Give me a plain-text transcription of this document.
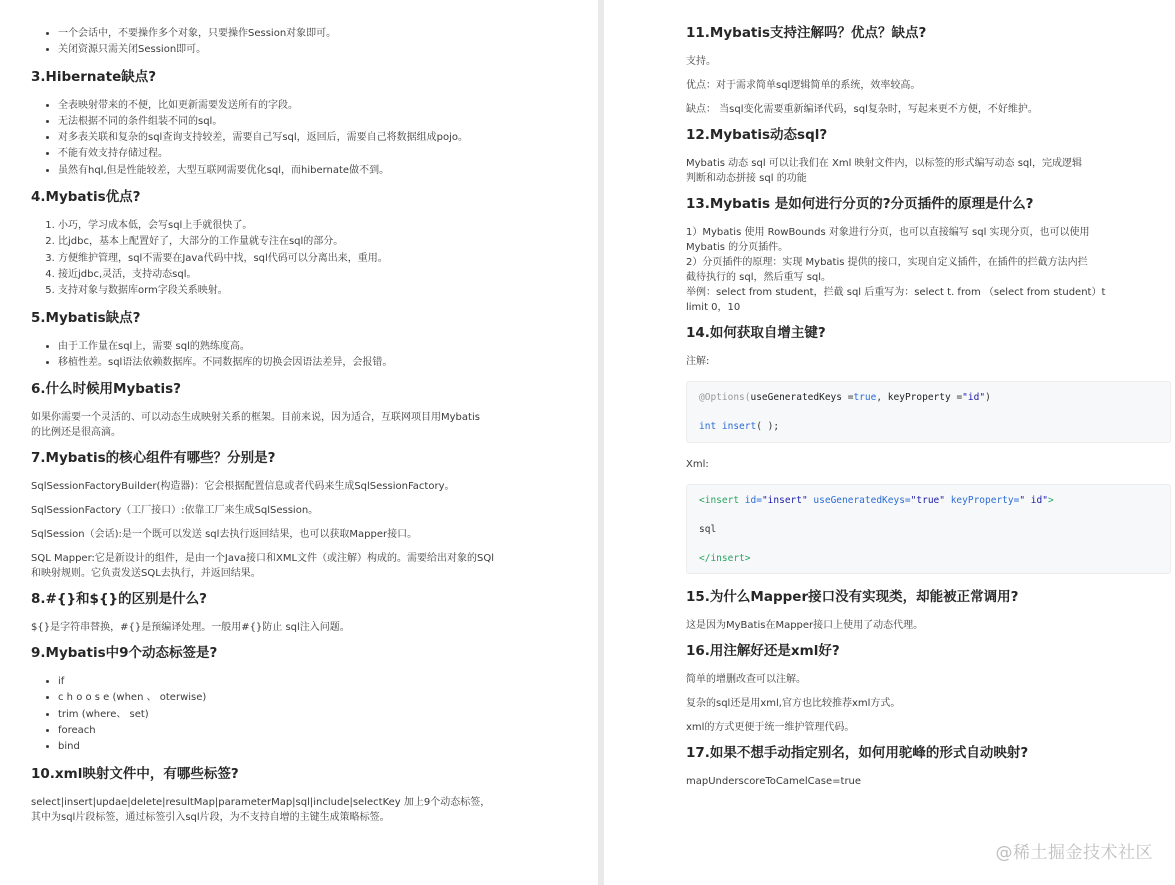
• 一个会话中，不要操作多个对象，只要操作Session对象即可。
• 关闭资源只需关闭Session即可。
3.Hibernate缺点?
• 全表映射带来的不便，比如更新需要发送所有的字段。
• 无法根据不同的条件组装不同的sql。
• 对多表关联和复杂的sql查询支持较差，需要自己写sql，返回后，需要自己将数据组成pojo。
• 不能有效支持存储过程。
• 虽然有hql,但是性能较差，大型互联网需要优化sql，而hibernate做不到。
4.Mybatis优点?
1. 小巧，学习成本低，会写sql上手就很快了。
2. 比jdbc，基本上配置好了，大部分的工作量就专注在sql的部分。
3. 方便维护管理，sql不需要在Java代码中找，sql代码可以分离出来，重用。
4. 接近jdbc,灵活，支持动态sql。
5. 支持对象与数据库orm字段关系映射。
5.Mybatis缺点?
• 由于工作量在sql上，需要 sql的熟练度高。
• 移植性差。sql语法依赖数据库。不同数据库的切换会因语法差异，会报错。
6.什么时候用Mybatis?

如果你需要一个灵活的、可以动态生成映射关系的框架。目前来说，因为适合，互联网项目用Mybatis
的比例还是很高滴。

7.Mybatis的核心组件有哪些？分别是?

SqlSessionFactoryBuilder(构造器)：它会根据配置信息或者代码来生成SqlSessionFactory。

SqlSessionFactory（工厂接口）:依靠工厂来生成SqlSession。

SqlSession（会话):是一个既可以发送 sql去执行返回结果，也可以获取Mapper接口。

SQL Mapper:它是新设计的组件，是由一个Java接口和XML文件（或注解）构成的。需要给出对象的SQl
和映射规则。它负责发送SQL去执行，并返回结果。

8.#{}和${}的区别是什么?

${}是字符串替换，#{}是预编译处理。一般用#{}防止 sql注入问题。

9.Mybatis中9个动态标签是?
• if
• c h o o s e (when 、 oterwise)
• trim (where、 set)
• foreach
• bind
10.xml映射文件中，有哪些标签?

select|insert|updae|delete|resultMap|parameterMap|sql|include|selectKey 加上9个动态标签，
其中为sql片段标签，通过标签引入sql片段，为不支持自增的主键生成策略标签。

11.Mybatis支持注解吗？优点？缺点?

支持。

优点：对于需求简单sql逻辑简单的系统，效率较高。

缺点： 当sql变化需要重新编译代码，sql复杂时，写起来更不方便，不好维护。

12.Mybatis动态sql?

Mybatis 动态 sql 可以让我们在 Xml 映射文件内，以标签的形式编写动态 sql，完成逻辑
判断和动态拼接 sql 的功能

13.Mybatis 是如何进行分页的?分页插件的原理是什么?

1）Mybatis 使用 RowBounds 对象进行分页，也可以直接编写 sql 实现分页，也可以使用
Mybatis 的分页插件。
2）分页插件的原理：实现 Mybatis 提供的接口，实现自定义插件，在插件的拦截方法内拦
截待执行的 sql，然后重写 sql。
举例：select from student，拦截 sql 后重写为：select t. from （select from student）t
limit 0，10

14.如何获取自增主键?

注解:

@Options(useGeneratedKeys =true, keyProperty ="id")
int insert( );

Xml:

<insert id="insert" useGeneratedKeys="true" keyProperty=" id">
sql
</insert>
15.为什么Mapper接口没有实现类，却能被正常调用?

这是因为MyBatis在Mapper接口上使用了动态代理。

16.用注解好还是xml好?

简单的增删改查可以注解。

复杂的sql还是用xml,官方也比较推荐xml方式。

xml的方式更便于统一维护管理代码。

17.如果不想手动指定别名，如何用驼峰的形式自动映射?

mapUnderscoreToCamelCase=true

@稀土掘金技术社区
